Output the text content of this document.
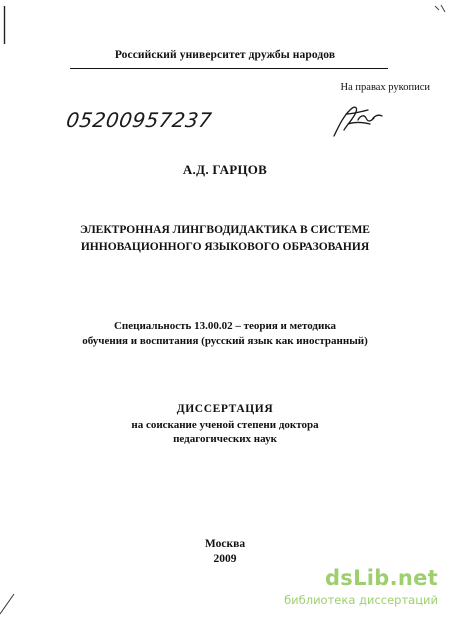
Российский университет дружбы народов
На правах рукописи
05200957237
А.Д. ГАРЦОВ
ЭЛЕКТРОННАЯ ЛИНГВОДИДАКТИКА В СИСТЕМЕ
ИННОВАЦИОННОГО ЯЗЫКОВОГО ОБРАЗОВАНИЯ
Специальность 13.00.02 – теория и методика
обучения и воспитания (русский язык как иностранный)
ДИССЕРТАЦИЯ
на соискание ученой степени доктора
педагогических наук
Москва
2009
dsLib.net
библиотека диссертаций
